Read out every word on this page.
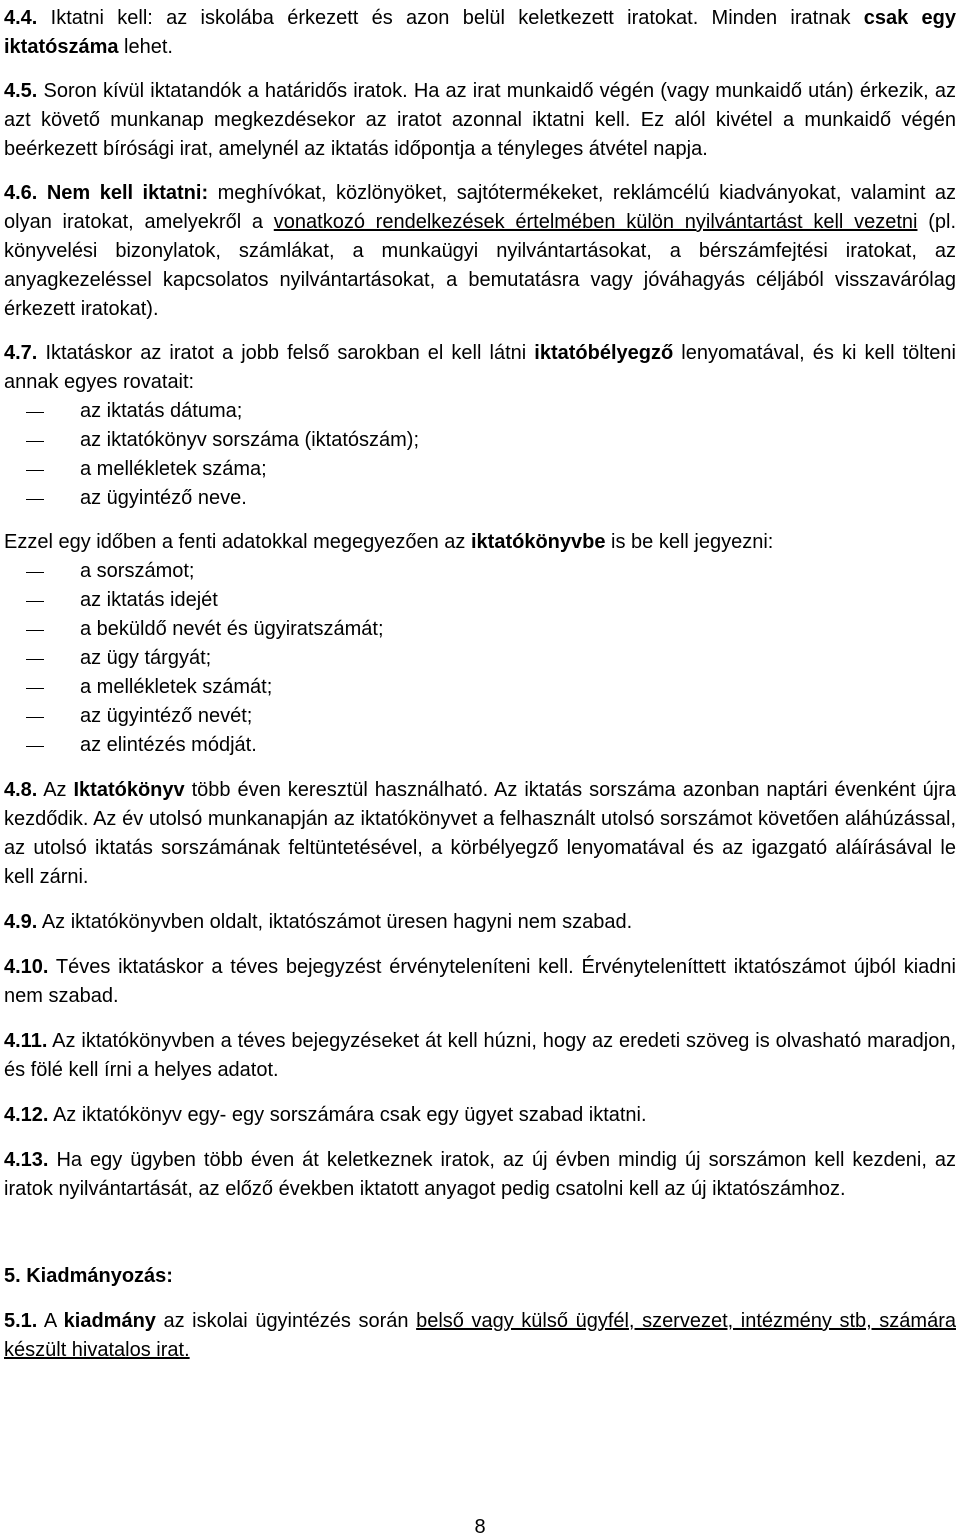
4.4. Iktatni kell: az iskolába érkezett és azon belül keletkezett iratokat. Minden iratnak csak egy iktatószáma lehet.

4.5. Soron kívül iktatandók a határidős iratok. Ha az irat munkaidő végén (vagy munkaidő után) érkezik, az azt követő munkanap megkezdésekor az iratot azonnal iktatni kell. Ez alól kivétel a munkaidő végén beérkezett bírósági irat, amelynél az iktatás időpontja a tényleges átvétel napja.

4.6. Nem kell iktatni: meghívókat, közlönyöket, sajtótermékeket, reklámcélú kiadványokat, valamint az olyan iratokat, amelyekről a vonatkozó rendelkezések értelmében külön nyilvántartást kell vezetni (pl. könyvelési bizonylatok, számlákat, a munkaügyi nyilvántartásokat, a bérszámfejtési iratokat, az anyagkezeléssel kapcsolatos nyilvántartásokat, a bemutatásra vagy jóváhagyás céljából visszavárólag érkezett iratokat).

4.7. Iktatáskor az iratot a jobb felső sarokban el kell látni iktatóbélyegző lenyomatával, és ki kell tölteni annak egyes rovatait:

az iktatás dátuma;
az iktatókönyv sorszáma (iktatószám);
a mellékletek száma;
az ügyintéző neve.

Ezzel egy időben a fenti adatokkal megegyezően az iktatókönyvbe is be kell jegyezni:

a sorszámot;
az iktatás idejét
a beküldő nevét és ügyiratszámát;
az ügy tárgyát;
a mellékletek számát;
az ügyintéző nevét;
az elintézés módját.

4.8. Az Iktatókönyv több éven keresztül használható. Az iktatás sorszáma azonban naptári évenként újra kezdődik. Az év utolsó munkanapján az iktatókönyvet a felhasznált utolsó sorszámot követően aláhúzással, az utolsó iktatás sorszámának feltüntetésével, a körbélyegző lenyomatával és az igazgató aláírásával le kell zárni.

4.9. Az iktatókönyvben oldalt, iktatószámot üresen hagyni nem szabad.

4.10. Téves iktatáskor a téves bejegyzést érvényteleníteni kell. Érvényteleníttett iktatószámot újból kiadni nem szabad.

4.11. Az iktatókönyvben a téves bejegyzéseket át kell húzni, hogy az eredeti szöveg is olvasható maradjon, és fölé kell írni a helyes adatot.

4.12. Az iktatókönyv egy- egy sorszámára csak egy ügyet szabad iktatni.

4.13. Ha egy ügyben több éven át keletkeznek iratok, az új évben mindig új sorszámon kell kezdeni, az iratok nyilvántartását, az előző években iktatott anyagot pedig csatolni kell az új iktatószámhoz.

5. Kiadmányozás:

5.1. A kiadmány az iskolai ügyintézés során belső vagy külső ügyfél, szervezet, intézmény stb, számára készült hivatalos irat.

8
